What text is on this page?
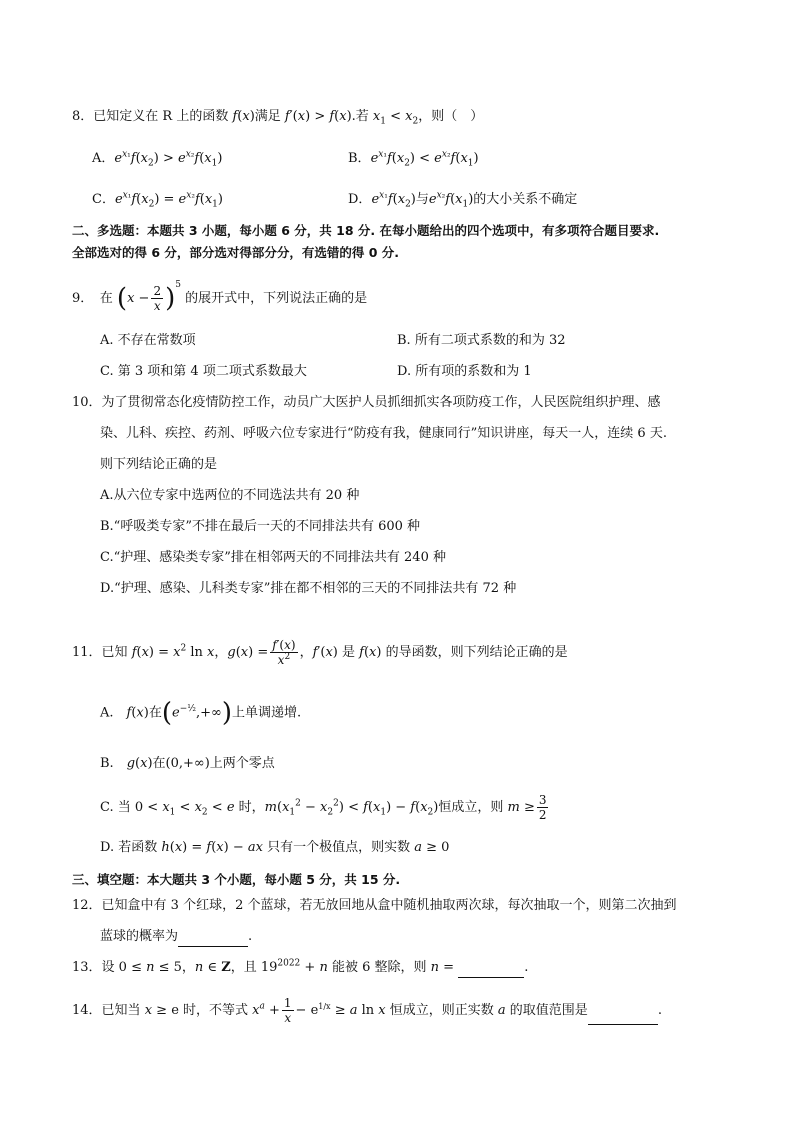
8．已知定义在 R 上的函数 f(x)满足 f′(x) > f(x).若 $x_1 < x_2$，则（　）
A．$e^{x_1}f(x_2) > e^{x_2}f(x_1)$	B．$e^{x_1}f(x_2) < e^{x_2}f(x_1)$
C．$e^{x_1}f(x_2) = e^{x_2}f(x_1)$	D．$e^{x_1}f(x_2)$与$e^{x_2}f(x_1)$的大小关系不确定
二、多选题：本题共 3 小题，每小题 6 分，共 18 分. 在每小题给出的四个选项中，有多项符合题目要求.
全部选对的得 6 分，部分选对得部分分，有选错的得 0 分.
9．　在 $(x - \frac{2}{x} )^5$ 的展开式中，下列说法正确的是
A. 不存在常数项	B. 所有二项式系数的和为 32
C. 第 3 项和第 4 项二项式系数最大	D. 所有项的系数和为 1
10．为了贯彻常态化疫情防控工作，动员广大医护人员抓细抓实各项防疫工作，人民医院组织护理、感
染、儿科、疾控、药剂、呼吸六位专家进行“防疫有我，健康同行”知识讲座，每天一人，连续 6 天.
则下列结论正确的是
A.从六位专家中选两位的不同选法共有 20 种
B.“呼吸类专家”不排在最后一天的不同排法共有 600 种
C.“护理、感染类专家”排在相邻两天的不同排法共有 240 种
D.“护理、感染、儿科类专家”排在都不相邻的三天的不同排法共有 72 种
11．已知 $f(x) = x^2$ ln x，$g(x) = \frac{f'(x)}{x^2}$ ，f′(x) 是 f(x) 的导函数，则下列结论正确的是
A.　f(x)在$(e^{-\frac{1}{2}},+\infty)$上单调递增.
B.　g(x)在(0,+∞)上两个零点
C. 当 $0 < x_1 < x_2 < e$ 时，$m(x_1^2 - x_2^2) < f(x_1) - f(x_2)$恒成立，则 $m \ge \frac{3}{2}$
D. 若函数 h(x) = f(x) − ax 只有一个极值点，则实数 a ≥ 0
三、填空题：本大题共 3 个小题，每小题 5 分，共 15 分.
12．已知盒中有 3 个红球，2 个蓝球，若无放回地从盒中随机抽取两次球，每次抽取一个，则第二次抽到
蓝球的概率为	.
13．设 0 ≤ n ≤ 5，n ∈ Z，且 $19^{2022} + n$ 能被 6 整除，则 n =	.
14．已知当 x ≥ e 时，不等式 $x^a + \frac{1}{x} - e^{1/x} \ge a$ ln x 恒成立，则正实数 a 的取值范围是	.
